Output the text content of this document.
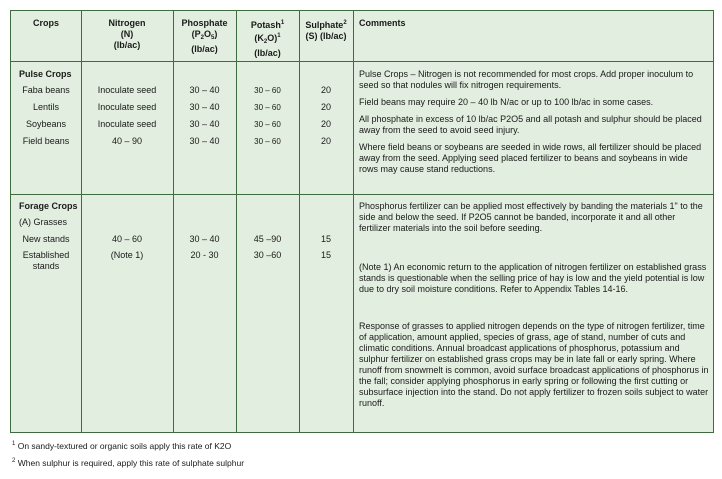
Crops	Nitrogen
(N)
(lb/ac)
Phosphate
$(P_2O_5)$
(lb/ac)
Potash$^1$
$(K_2O)^1$
(lb/ac)
Sulphate$^2$
(S) (lb/ac)
Comments
Pulse Crops
Faba beans
Lentils
Soybeans
Field beans
Inoculate seed
Inoculate seed
Inoculate seed
40 – 90
30 – 40
30 – 40
30 – 40
30 – 40
30 – 60
30 – 60
30 – 60
30 – 60
20
20
20
20

Pulse Crops – Nitrogen is not recommended for most crops. Add proper inoculum to seed so that nodules will fix nitrogen requirements.

Field beans may require 20 – 40 lb N/ac or up to 100 lb/ac in some cases.

All phosphate in excess of 10 lb/ac P2O5 and all potash and sulphur should be placed away from the seed to avoid seed injury.

Where field beans or soybeans are seeded in wide rows, all fertilizer should be placed away from the seed. Applying seed placed fertilizer to beans and soybeans in wide rows may cause stand reductions.

Forage Crops
(A) Grasses
New stands
Established stands
40 – 60
(Note 1)
30 – 40
20 - 30
45 –90
30 –60
15
15

Phosphorus fertilizer can be applied most effectively by banding the materials 1" to the side and below the seed. If P2O5 cannot be banded, incorporate it and all other fertilizer materials into the soil before seeding.

(Note 1) An economic return to the application of nitrogen fertilizer on established grass stands is questionable when the selling price of hay is low and the yield potential is low due to dry soil moisture conditions. Refer to Appendix Tables 14-16.

Response of grasses to applied nitrogen depends on the type of nitrogen fertilizer, time of application, amount applied, species of grass, age of stand, number of cuts and climatic conditions. Annual broadcast applications of phosphorus, potassium and sulphur fertilizer on established grass crops may be in late fall or early spring. Where runoff from snowmelt is common, avoid surface broadcast applications of phosphorus in the fall; consider applying phosphorus in early spring or following the first cutting or subsurface injection into the stand. Do not apply fertilizer to frozen soils subject to water runoff.

$^1$ On sandy-textured or organic soils apply this rate of K2O
$^2$ When sulphur is required, apply this rate of sulphate sulphur
